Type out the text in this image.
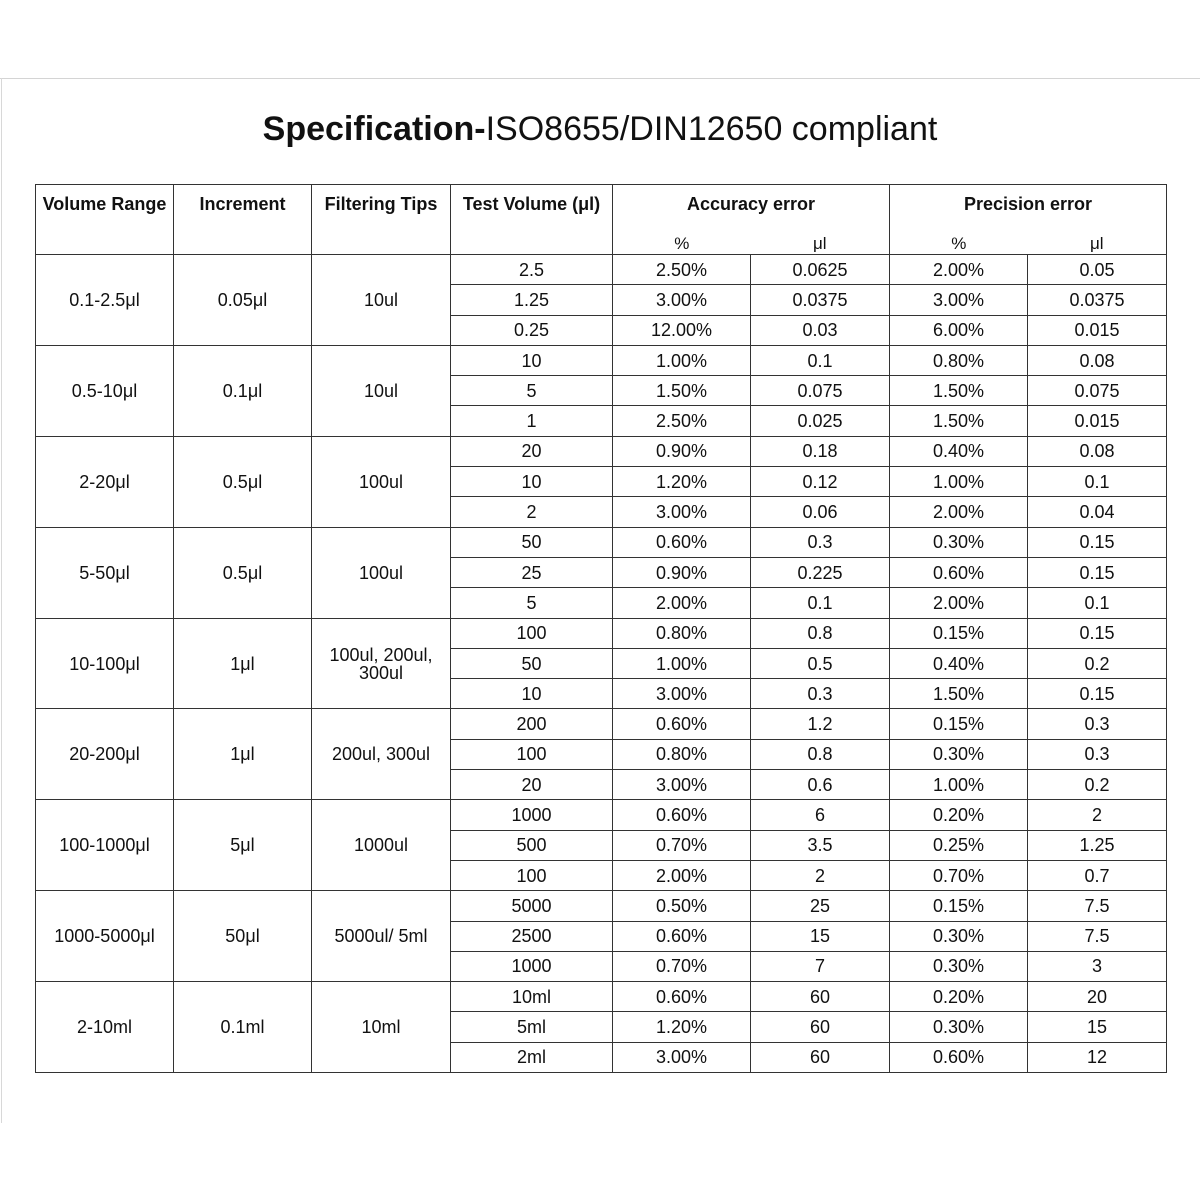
Specification-ISO8655/DIN12650 compliant
Volume Range	Increment	Filtering Tips	Test Volume (μl)	Accuracy error		Precision error	
				%	μl	%	μl
0.1-2.5μl	0.05μl	10ul	2.5	2.50%	0.0625	2.00%	0.05
			1.25	3.00%	0.0375	3.00%	0.0375
			0.25	12.00%	0.03	6.00%	0.015
0.5-10μl	0.1μl	10ul	10	1.00%	0.1	0.80%	0.08
			5	1.50%	0.075	1.50%	0.075
			1	2.50%	0.025	1.50%	0.015
2-20μl	0.5μl	100ul	20	0.90%	0.18	0.40%	0.08
			10	1.20%	0.12	1.00%	0.1
			2	3.00%	0.06	2.00%	0.04
5-50μl	0.5μl	100ul	50	0.60%	0.3	0.30%	0.15
			25	0.90%	0.225	0.60%	0.15
			5	2.00%	0.1	2.00%	0.1
10-100μl	1μl	100ul, 200ul, 300ul	100	0.80%	0.8	0.15%	0.15
			50	1.00%	0.5	0.40%	0.2
			10	3.00%	0.3	1.50%	0.15
20-200μl	1μl	200ul, 300ul	200	0.60%	1.2	0.15%	0.3
			100	0.80%	0.8	0.30%	0.3
			20	3.00%	0.6	1.00%	0.2
100-1000μl	5μl	1000ul	1000	0.60%	6	0.20%	2
			500	0.70%	3.5	0.25%	1.25
			100	2.00%	2	0.70%	0.7
1000-5000μl	50μl	5000ul/ 5ml	5000	0.50%	25	0.15%	7.5
			2500	0.60%	15	0.30%	7.5
			1000	0.70%	7	0.30%	3
2-10ml	0.1ml	10ml	10ml	0.60%	60	0.20%	20
			5ml	1.20%	60	0.30%	15
			2ml	3.00%	60	0.60%	12
